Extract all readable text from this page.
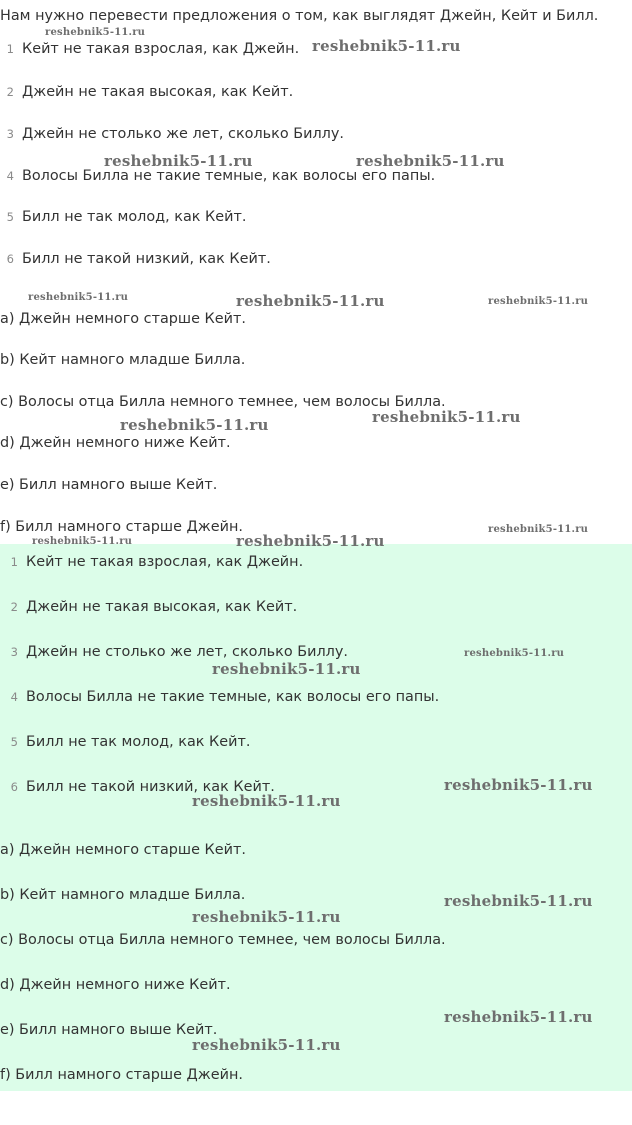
Нам нужно перевести предложения о том, как выглядят Джейн, Кейт и Билл.
1 Кейт не такая взрослая, как Джейн.
2 Джейн не такая высокая, как Кейт.
3 Джейн не столько же лет, сколько Биллу.
4 Волосы Билла не такие темные, как волосы его папы.
5 Билл не так молод, как Кейт.
6 Билл не такой низкий, как Кейт.
a) Джейн немного старше Кейт.
b) Кейт намного младше Билла.
c) Волосы отца Билла немного темнее, чем волосы Билла.
d) Джейн немного ниже Кейт.
e) Билл намного выше Кейт.
f) Билл намного старше Джейн.
1 Кейт не такая взрослая, как Джейн.
2 Джейн не такая высокая, как Кейт.
3 Джейн не столько же лет, сколько Биллу.
4 Волосы Билла не такие темные, как волосы его папы.
5 Билл не так молод, как Кейт.
6 Билл не такой низкий, как Кейт.
a) Джейн немного старше Кейт.
b) Кейт намного младше Билла.
c) Волосы отца Билла немного темнее, чем волосы Билла.
d) Джейн немного ниже Кейт.
e) Билл намного выше Кейт.
f) Билл намного старше Джейн.
reshebnik5-11.ru
reshebnik5-11.ru
reshebnik5-11.ru	reshebnik5-11.ru
reshebnik5-11.ru	reshebnik5-11.ru	reshebnik5-11.ru
reshebnik5-11.ru
reshebnik5-11.ru
reshebnik5-11.ru
reshebnik5-11.ru	reshebnik5-11.ru
reshebnik5-11.ru
reshebnik5-11.ru
reshebnik5-11.ru
reshebnik5-11.ru
reshebnik5-11.ru
reshebnik5-11.ru
reshebnik5-11.ru
reshebnik5-11.ru
